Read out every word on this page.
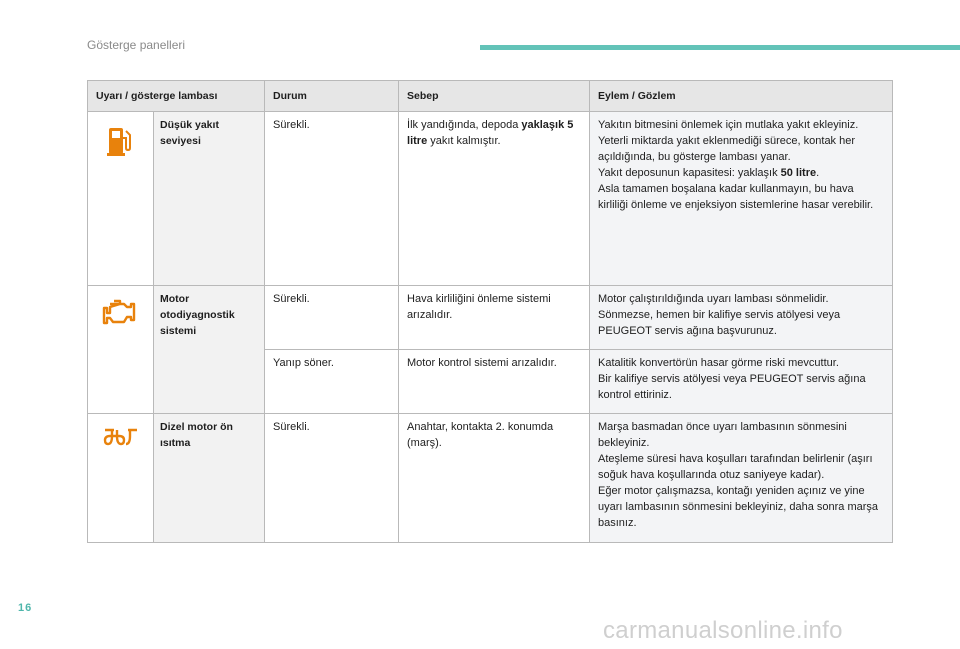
Gösterge panelleri
Uyarı / gösterge lambası		Durum	Sebep	Eylem / Gözlem

	Düşük yakıt seviyesi	Sürekli.	İlk yandığında, depoda yaklaşık 5 litre yakıt kalmıştır.	Yakıtın bitmesini önlemek için mutlaka yakıt ekleyiniz.
Yeterli miktarda yakıt eklenmediği sürece, kontak her açıldığında, bu gösterge lambası yanar.
Yakıt deposunun kapasitesi: yaklaşık 50 litre.
Asla tamamen boşalana kadar kullanmayın, bu hava kirliliği önleme ve enjeksiyon sistemlerine hasar verebilir.

	Motor otodiyagnostik sistemi	Sürekli.	Hava kirliliğini önleme sistemi arızalıdır.	Motor çalıştırıldığında uyarı lambası sönmelidir.
Sönmezse, hemen bir kalifiye servis atölyesi veya PEUGEOT servis ağına başvurunuz.

		Yanıp söner.	Motor kontrol sistemi arızalıdır.	Katalitik konvertörün hasar görme riski mevcuttur.
Bir kalifiye servis atölyesi veya PEUGEOT servis ağına kontrol ettiriniz.

	Dizel motor ön ısıtma	Sürekli.	Anahtar, kontakta 2. konumda (marş).	Marşa basmadan önce uyarı lambasının sönmesini bekleyiniz.
Ateşleme süresi hava koşulları tarafından belirlenir (aşırı soğuk hava koşullarında otuz saniyeye kadar).
Eğer motor çalışmazsa, kontağı yeniden açınız ve yine uyarı lambasının sönmesini bekleyiniz, daha sonra marşa basınız.
16
carmanualsonline.info
